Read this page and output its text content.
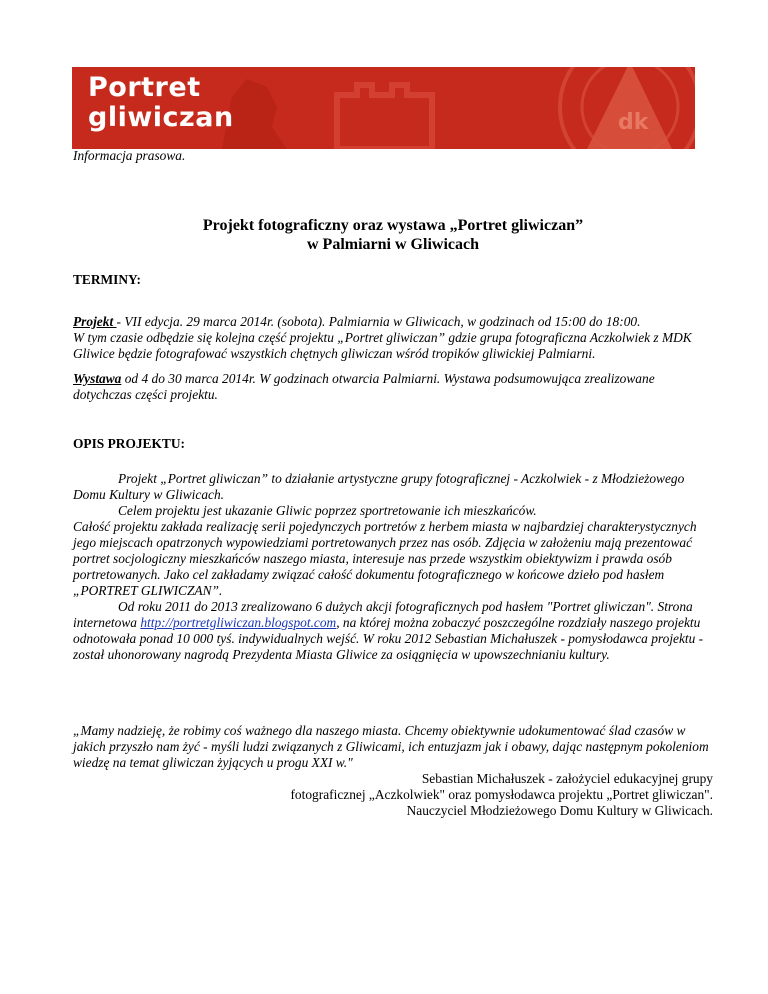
dk
Portret
gliwiczan

Informacja prasowa.

Projekt fotograficzny oraz wystawa „Portret gliwiczan”
w Palmiarni w Gliwicach

TERMINY:

Projekt - VII edycja. 29 marca 2014r. (sobota). Palmiarnia w Gliwicach, w godzinach od 15:00 do 18:00.
W tym czasie odbędzie się kolejna część projektu „Portret gliwiczan” gdzie grupa fotograficzna Aczkolwiek z MDK Gliwice będzie fotografować wszystkich chętnych gliwiczan wśród tropików gliwickiej Palmiarni.

Wystawa od 4 do 30 marca 2014r. W godzinach otwarcia Palmiarni. Wystawa podsumowująca zrealizowane dotychczas części projektu.

OPIS PROJEKTU:

Projekt „Portret gliwiczan” to działanie artystyczne grupy fotograficznej - Aczkolwiek - z Młodzieżowego Domu Kultury w Gliwicach.

Celem projektu jest ukazanie Gliwic poprzez sportretowanie ich mieszkańców.

Całość projektu zakłada realizację serii pojedynczych portretów z herbem miasta w najbardziej charakterystycznych jego miejscach opatrzonych wypowiedziami portretowanych przez nas osób. Zdjęcia w założeniu mają prezentować portret socjologiczny mieszkańców naszego miasta, interesuje nas przede wszystkim obiektywizm i prawda osób portretowanych. Jako cel zakładamy związać całość dokumentu fotograficznego w końcowe dzieło pod hasłem „PORTRET GLIWICZAN”.

Od roku 2011 do 2013 zrealizowano 6 dużych akcji fotograficznych pod hasłem "Portret gliwiczan". Strona internetowa http://portretgliwiczan.blogspot.com, na której można zobaczyć poszczególne rozdziały naszego projektu odnotowała ponad 10 000 tyś. indywidualnych wejść. W roku 2012 Sebastian Michałuszek - pomysłodawca projektu - został uhonorowany nagrodą Prezydenta Miasta Gliwice za osiągnięcia w upowszechnianiu kultury.

„Mamy nadzieję, że robimy coś ważnego dla naszego miasta. Chcemy obiektywnie udokumentować ślad czasów w jakich przyszło nam żyć - myśli ludzi związanych z Gliwicami, ich entuzjazm jak i obawy, dając następnym pokoleniom wiedzę na temat gliwiczan żyjących u progu XXI w."

Sebastian Michałuszek - założyciel edukacyjnej grupy
fotograficznej „Aczkolwiek" oraz pomysłodawca projektu „Portret gliwiczan".
Nauczyciel Młodzieżowego Domu Kultury w Gliwicach.
